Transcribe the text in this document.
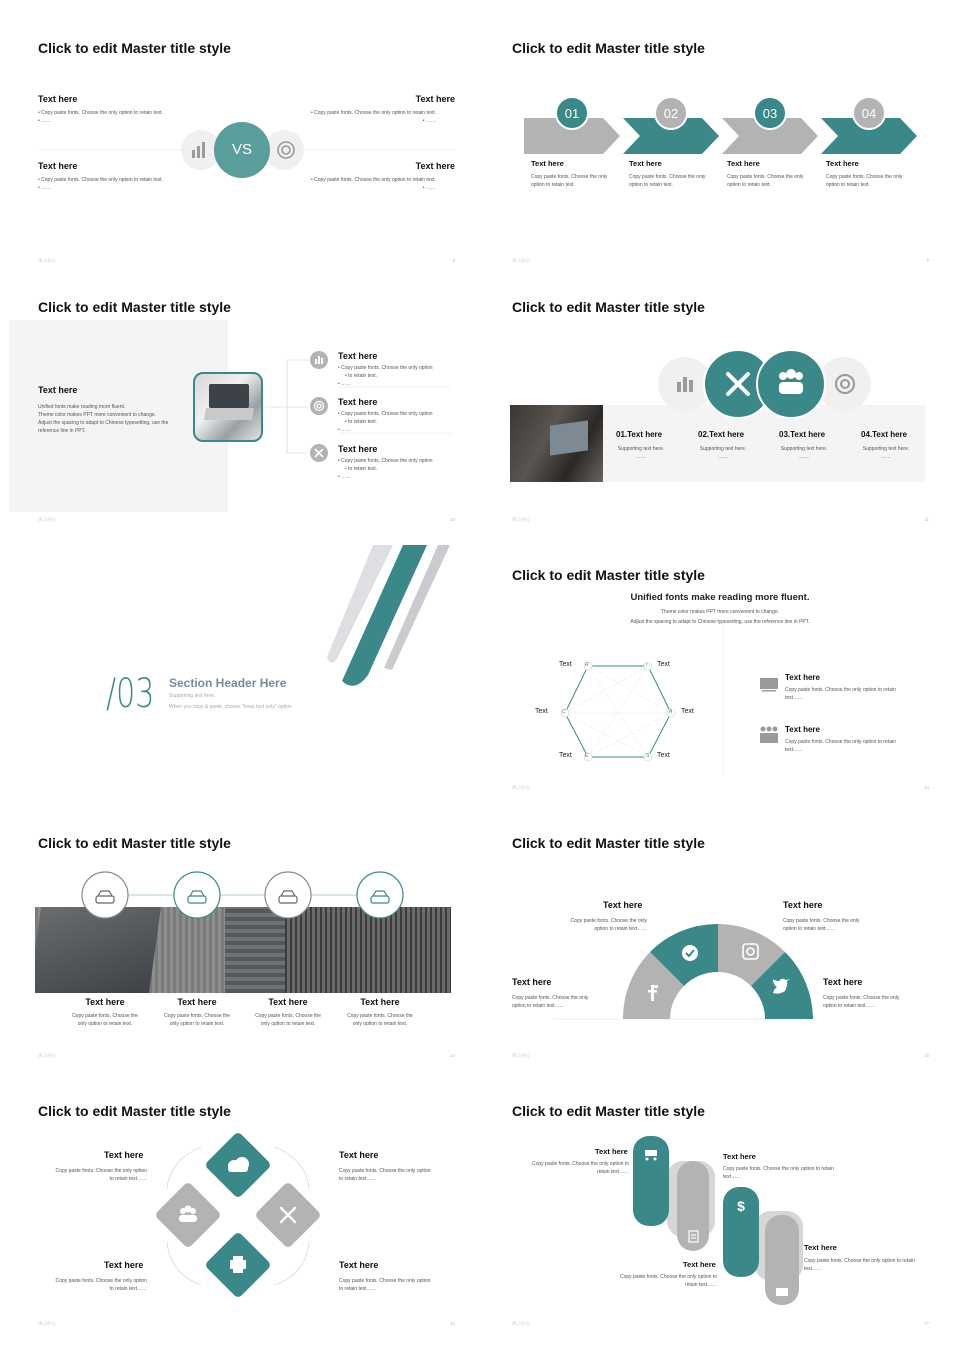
Click to edit Master title style
Text here
• Copy paste fonts. Choose the only option to retain text.
• ……
Text here
• Copy paste fonts. Choose the only option to retain text.
• ……
Text here
• Copy paste fonts. Choose the only option to retain text.
• ……
Text here
• Copy paste fonts. Choose the only option to retain text.
• ……
VS
风云办公	8
Click to edit Master title style
01	02	03	04
Text here	Text here	Text here	Text here
Copy paste fonts. Choose the only option to retain text.
Copy paste fonts. Choose the only option to retain text.
Copy paste fonts. Choose the only option to retain text.
Copy paste fonts. Choose the only option to retain text.
风云办公	9
Click to edit Master title style
Text here
Unified fonts make reading more fluent.
Theme color makes PPT more convenient to change.
Adjust the spacing to adapt to Chinese typesetting, use the
reference line in PPT.
Text here
• Copy paste fonts. Choose the only option
• to retain text.
• ……
Text here
• Copy paste fonts. Choose the only option
• to retain text.
• ……
Text here
• Copy paste fonts. Choose the only option
• to retain text.
• ……
风云办公	10
Click to edit Master title style
01.Text here	02.Text here	03.Text here	04.Text here
Supporting text here.
……
Supporting text here.
……
Supporting text here.
……
Supporting text here.
……
风云办公	11
/03 Section Header Here
Supporting text here.
When you copy & paste, choose "keep text only" option.
Click to edit Master title style
Unified fonts make reading more fluent.
Theme color makes PPT more convenient to change.
Adjust the spacing to adapt to Chinese typesetting, use the reference line in PPT.
R	I
A
S
E
C
Text	Text
Text
Text
Text
Text
Text here
Copy paste fonts. Choose the only option to retain
text……
Text here
Copy paste fonts. Choose the only option to retain
text……
风云办公	13
Click to edit Master title style
Text here	Text here	Text here	Text here
Copy paste fonts. Choose the
only option to retain text.
Copy paste fonts. Choose the
only option to retain text.
Copy paste fonts. Choose the
only option to retain text.
Copy paste fonts. Choose the
only option to retain text.
风云办公	14
Click to edit Master title style
Text here
Copy paste fonts. Choose the only
option to retain text……
Text here
Copy paste fonts. Choose the only
option to retain text……
Text here
Copy paste fonts. Choose the only
option to retain text……
Text here
Copy paste fonts. Choose the only
option to retain text……
风云办公	15
Click to edit Master title style
Text here
Copy paste fonts. Choose the only option
to retain text……
Text here
Copy paste fonts. Choose the only option
to retain text……
Text here
Copy paste fonts. Choose the only option
to retain text……
Text here
Copy paste fonts. Choose the only option
to retain text……
风云办公	16
Click to edit Master title style
$
Text here
Copy paste fonts. Choose the only option to
retain text……
Text here
Copy paste fonts. Choose the only option to retain
text……
Text here
Copy paste fonts. Choose the only option to
retain text……
Text here
Copy paste fonts. Choose the only option to retain
text……
风云办公	17
